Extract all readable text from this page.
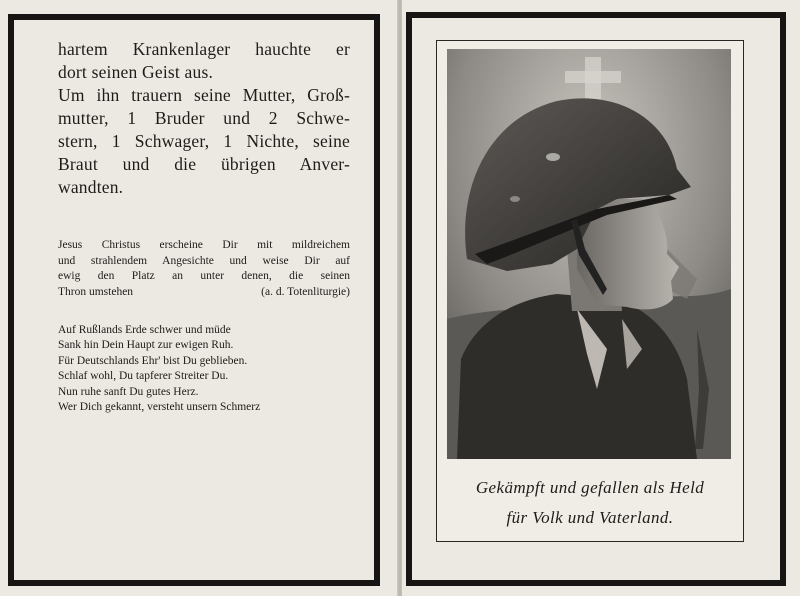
hartem Krankenlager hauchte er

dort seinen Geist aus.

Um ihn trauern seine Mutter, Groß-

mutter, 1 Bruder und 2 Schwe-

stern, 1 Schwager, 1 Nichte, seine

Braut und die übrigen Anver-

wandten.

Jesus Christus erscheine Dir mit mildreichem
und strahlendem Angesichte und weise Dir auf
ewig den Platz an unter denen, die seinen
Thron umstehen	(a. d. Totenliturgie)
Auf Rußlands Erde schwer und müde
Sank hin Dein Haupt zur ewigen Ruh.
Für Deutschlands Ehr' bist Du geblieben.
Schlaf wohl, Du tapferer Streiter Du.
Nun ruhe sanft Du gutes Herz.
Wer Dich gekannt, versteht unsern Schmerz
Gekämpft und gefallen als Held
für Volk und Vaterland.
